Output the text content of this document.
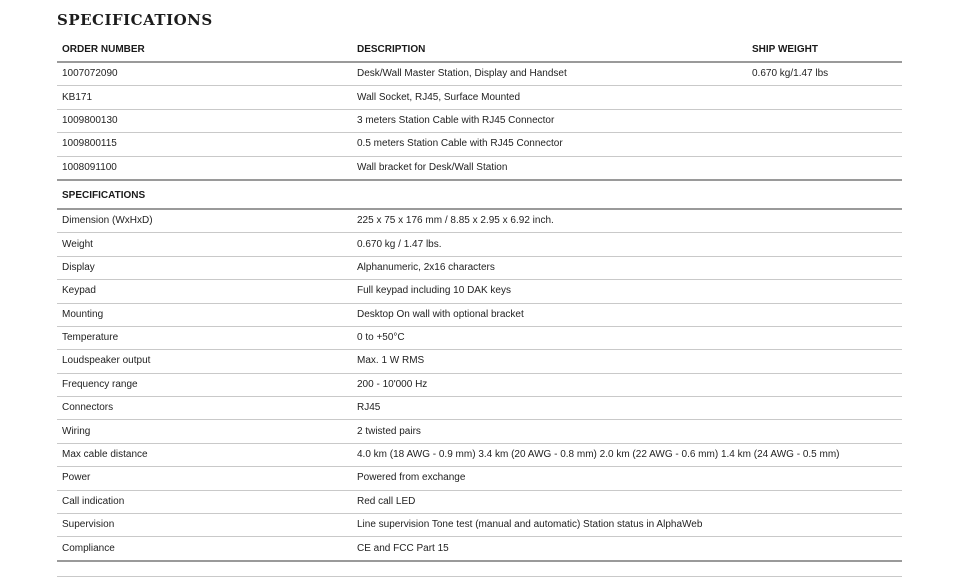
SPECIFICATIONS
ORDER NUMBER	DESCRIPTION	SHIP WEIGHT
1007072090	Desk/Wall Master Station, Display and Handset	0.670 kg/1.47 lbs
KB171	Wall Socket, RJ45, Surface Mounted	
1009800130	3 meters Station Cable with RJ45 Connector	
1009800115	0.5 meters Station Cable with RJ45 Connector	
1008091100	Wall bracket for Desk/Wall Station	
SPECIFICATIONS
Dimension (WxHxD)	225 x 75 x 176 mm / 8.85 x 2.95 x 6.92 inch.
Weight	0.670 kg / 1.47 lbs.
Display	Alphanumeric, 2x16 characters
Keypad	Full keypad including 10 DAK keys
Mounting	Desktop On wall with optional bracket
Temperature	0 to +50°C
Loudspeaker output	Max. 1 W RMS
Frequency range	200 - 10'000 Hz
Connectors	RJ45
Wiring	2 twisted pairs
Max cable distance	4.0 km (18 AWG - 0.9 mm) 3.4 km (20 AWG - 0.8 mm) 2.0 km (22 AWG - 0.6 mm) 1.4 km (24 AWG - 0.5 mm)
Power	Powered from exchange
Call indication	Red call LED
Supervision	Line supervision Tone test (manual and automatic) Station status in AlphaWeb
Compliance	CE and FCC Part 15
